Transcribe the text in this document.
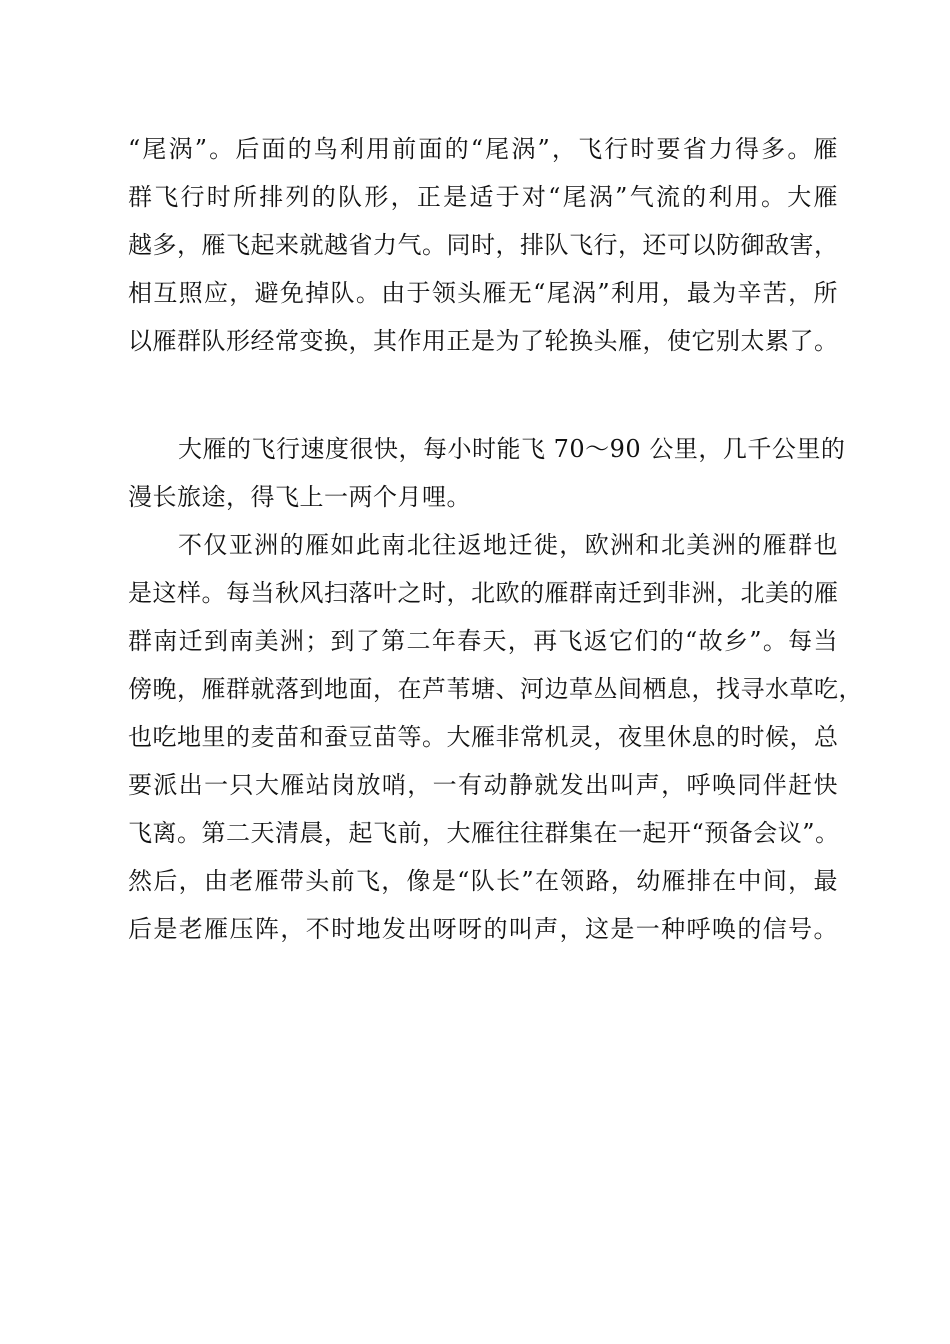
“尾涡”。后面的鸟利用前面的“尾涡”，飞行时要省力得多。雁
群飞行时所排列的队形，正是适于对“尾涡”气流的利用。大雁
越多，雁飞起来就越省力气。同时，排队飞行，还可以防御敌害，
相互照应，避免掉队。由于领头雁无“尾涡”利用，最为辛苦，所
以雁群队形经常变换，其作用正是为了轮换头雁，使它别太累了。
大雁的飞行速度很快，每小时能飞 70～90 公里，几千公里的
漫长旅途，得飞上一两个月哩。
不仅亚洲的雁如此南北往返地迁徙，欧洲和北美洲的雁群也
是这样。每当秋风扫落叶之时，北欧的雁群南迁到非洲，北美的雁
群南迁到南美洲；到了第二年春天，再飞返它们的“故乡”。每当
傍晚，雁群就落到地面，在芦苇塘、河边草丛间栖息，找寻水草吃，
也吃地里的麦苗和蚕豆苗等。大雁非常机灵，夜里休息的时候，总
要派出一只大雁站岗放哨，一有动静就发出叫声，呼唤同伴赶快
飞离。第二天清晨，起飞前，大雁往往群集在一起开“预备会议”。
然后，由老雁带头前飞，像是“队长”在领路，幼雁排在中间，最
后是老雁压阵，不时地发出呀呀的叫声，这是一种呼唤的信号。
